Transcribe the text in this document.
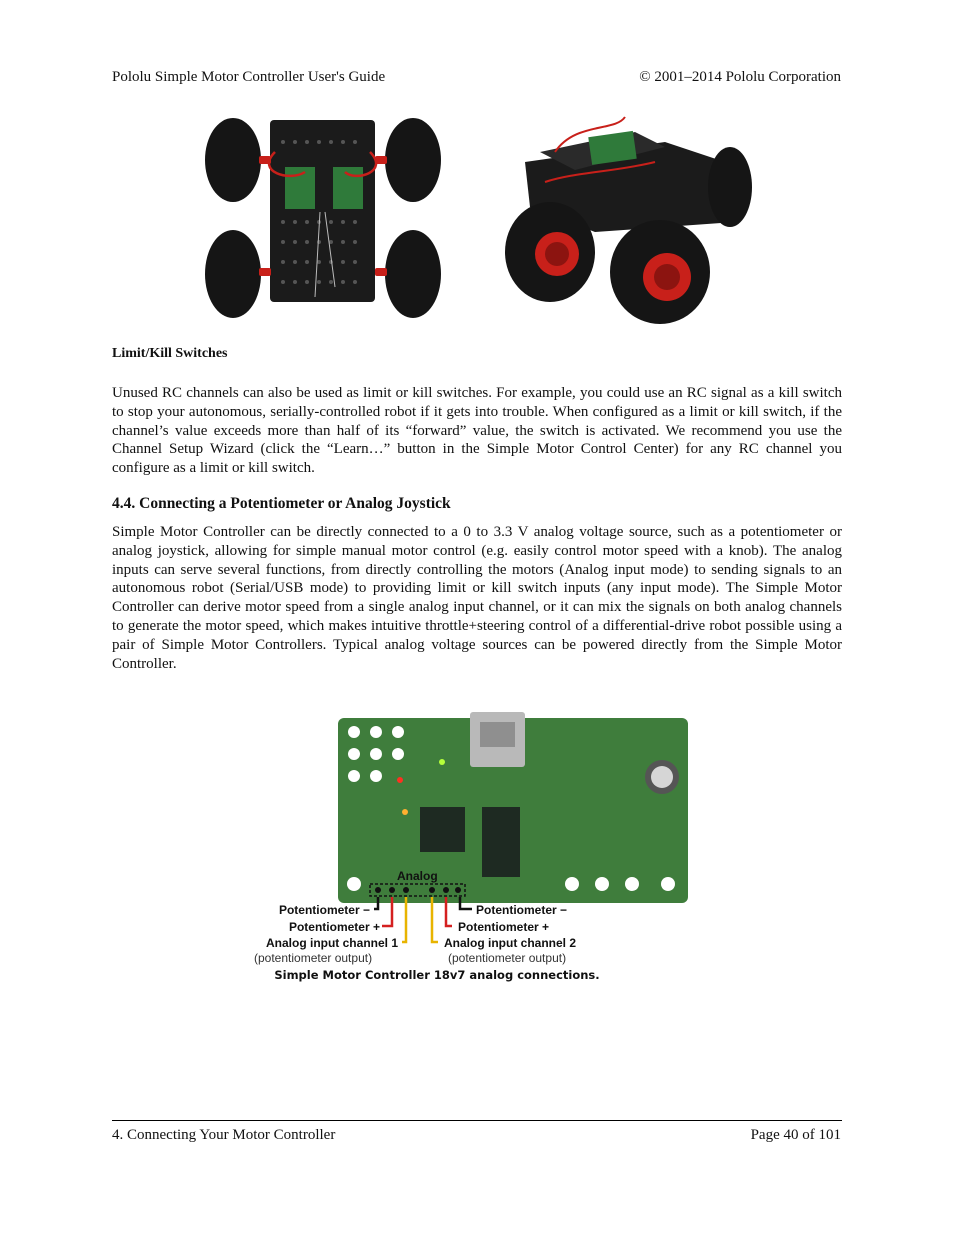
Pololu Simple Motor Controller User's Guide	© 2001–2014 Pololu Corporation
Limit/Kill Switches
Unused RC channels can also be used as limit or kill switches. For example, you could use an RC signal as a kill switch to stop your autonomous, serially-controlled robot if it gets into trouble. When configured as a limit or kill switch, if the channel’s value exceeds more than half of its “forward” value, the switch is activated. We recommend you use the Channel Setup Wizard (click the “Learn…” button in the Simple Motor Control Center) for any RC channel you configure as a limit or kill switch.
4.4. Connecting a Potentiometer or Analog Joystick
Simple Motor Controller can be directly connected to a 0 to 3.3 V analog voltage source, such as a potentiometer or analog joystick, allowing for simple manual motor control (e.g. easily control motor speed with a knob). The analog inputs can serve several functions, from directly controlling the motors (Analog input mode) to sending signals to an autonomous robot (Serial/USB mode) to providing limit or kill switch inputs (any input mode). The Simple Motor Controller can derive motor speed from a single analog input channel, or it can mix the signals on both analog channels to generate the motor speed, which makes intuitive throttle+steering control of a differential-drive robot possible using a pair of Simple Motor Controllers. Typical analog voltage sources can be powered directly from the Simple Motor Controller.
Analog
Potentiometer −
Potentiometer +
Analog input channel 1
Potentiometer −
Potentiometer +
Analog input channel 2
(potentiometer output)	(potentiometer output)
Simple Motor Controller 18v7 analog connections.
4. Connecting Your Motor Controller	Page 40 of 101
